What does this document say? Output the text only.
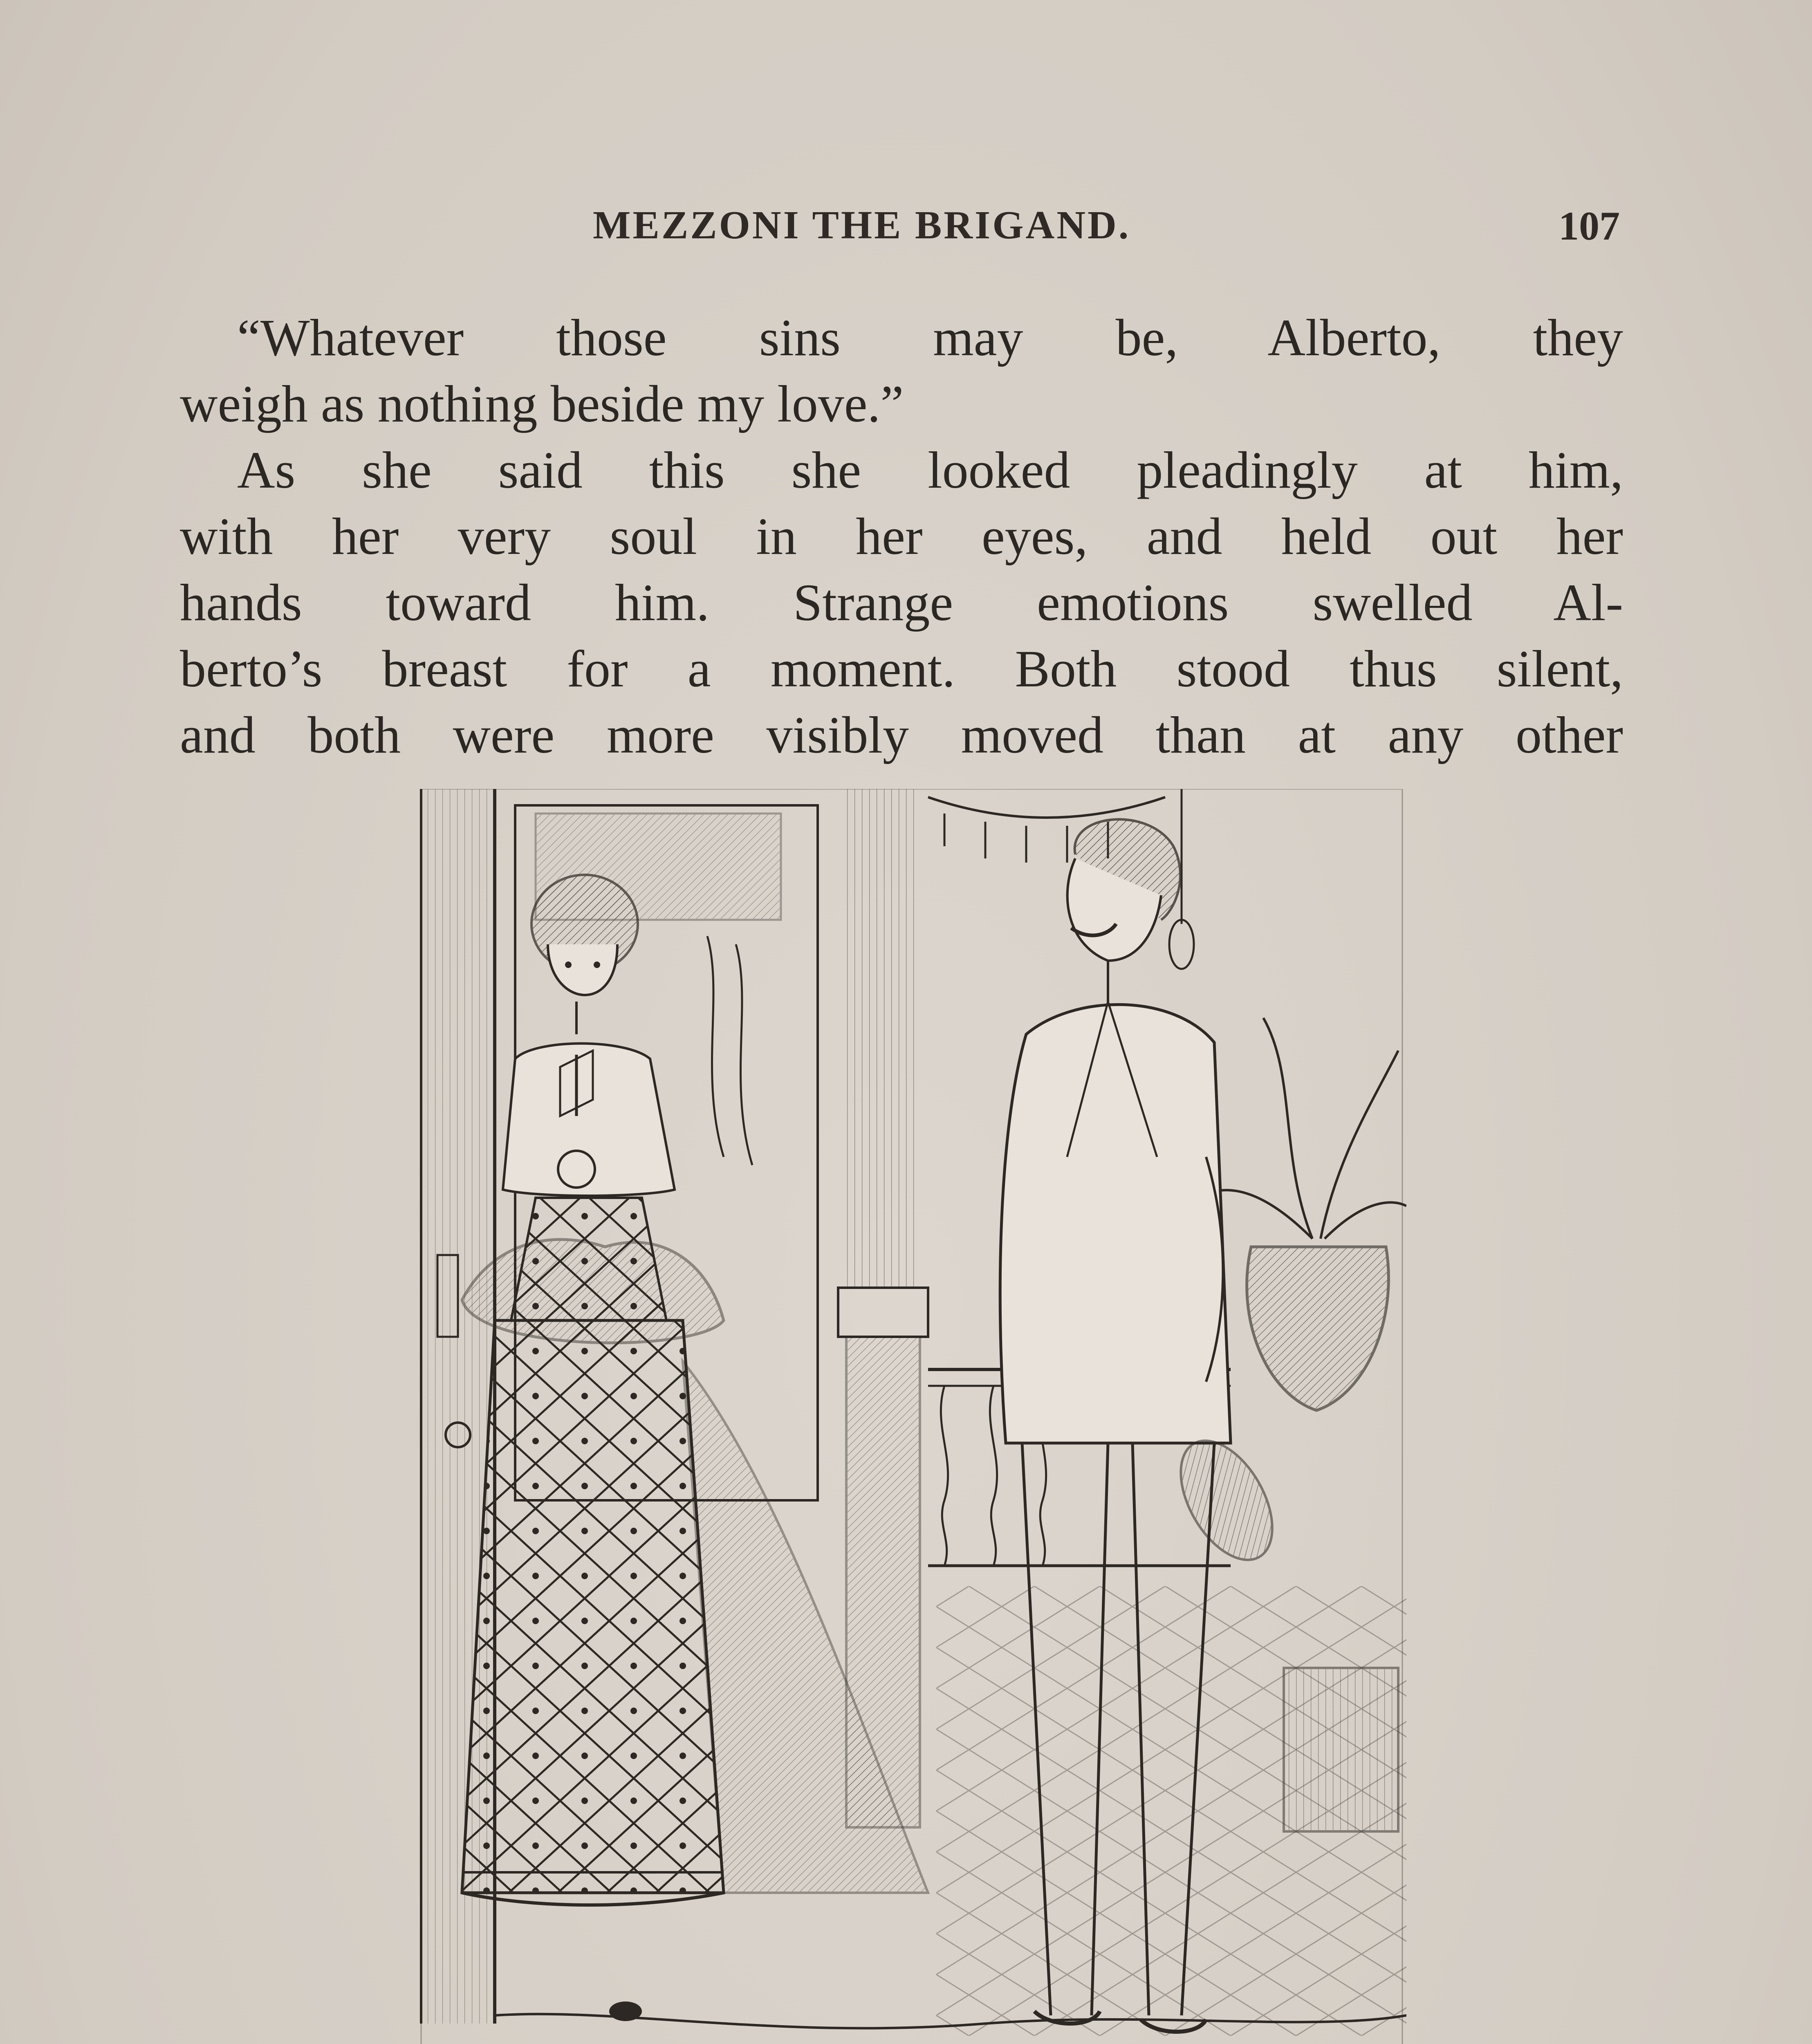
MEZZONI THE BRIGAND.	107

“Whatever those sins may be, Alberto, they

weigh as nothing beside my love.”

As she said this she looked pleadingly at him,

with her very soul in her eyes, and held out her

hands toward him. Strange emotions swelled Al-

berto’s breast for a moment. Both stood thus silent,

and both were more visibly moved than at any other
